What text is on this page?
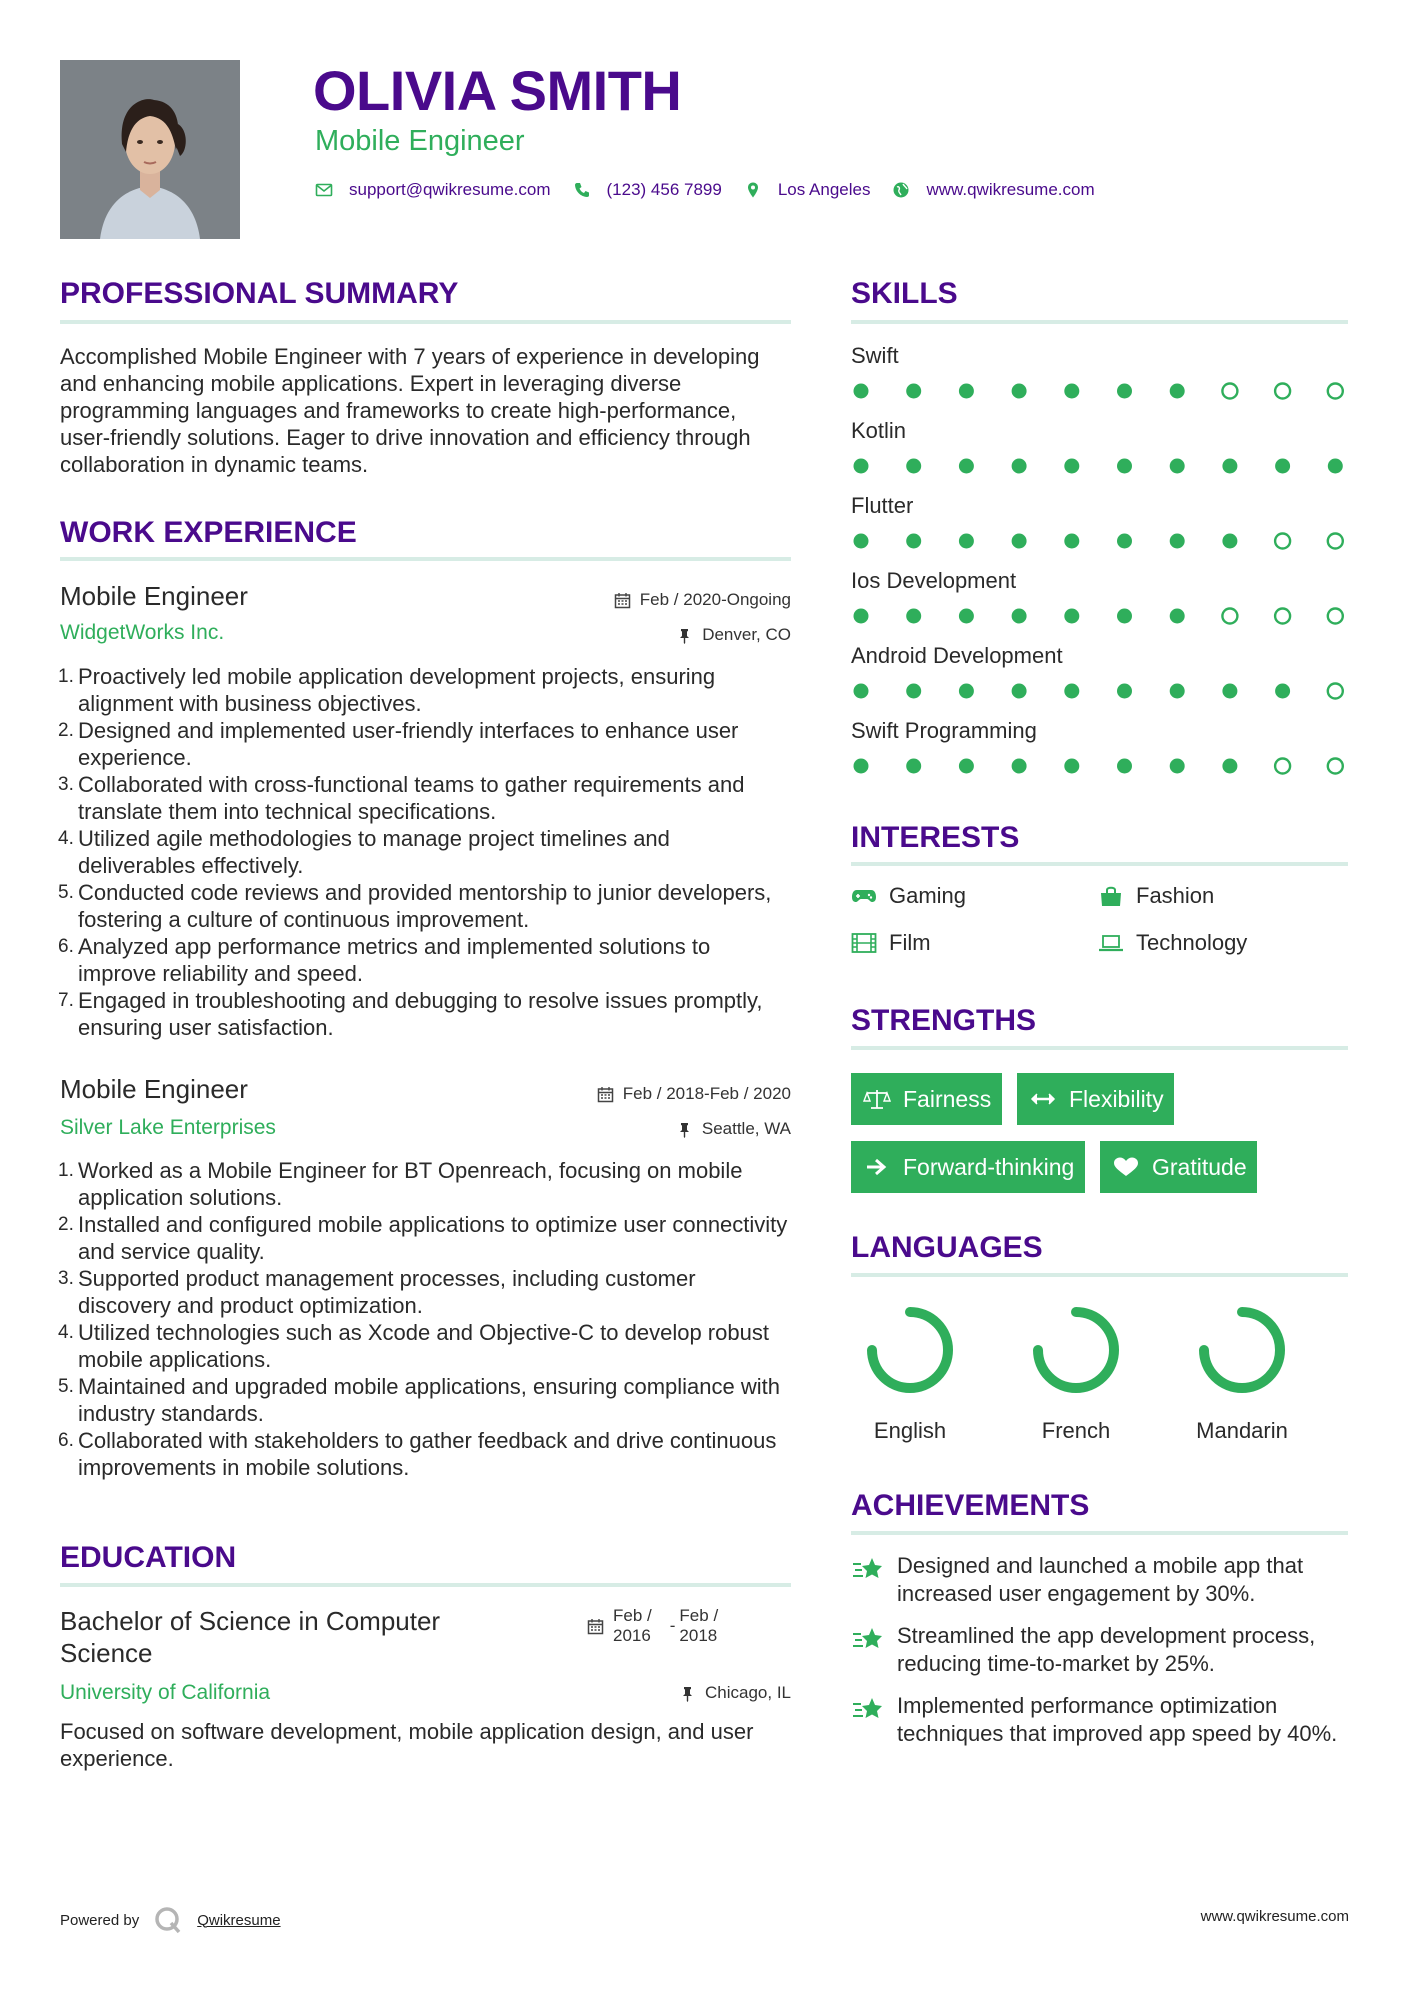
OLIVIA SMITH
Mobile Engineer
support@qwikresume.com	(123) 456 7899	Los Angeles	www.qwikresume.com
PROFESSIONAL SUMMARY
Accomplished Mobile Engineer with 7 years of experience in developing and enhancing mobile applications. Expert in leveraging diverse programming languages and frameworks to create high-performance, user-friendly solutions. Eager to drive innovation and efficiency through collaboration in dynamic teams.
WORK EXPERIENCE
Mobile Engineer	Feb / 2020-Ongoing
WidgetWorks Inc.	Denver, CO
1. Proactively led mobile application development projects, ensuring alignment with business objectives.
2. Designed and implemented user-friendly interfaces to enhance user experience.
3. Collaborated with cross-functional teams to gather requirements and translate them into technical specifications.
4. Utilized agile methodologies to manage project timelines and deliverables effectively.
5. Conducted code reviews and provided mentorship to junior developers, fostering a culture of continuous improvement.
6. Analyzed app performance metrics and implemented solutions to improve reliability and speed.
7. Engaged in troubleshooting and debugging to resolve issues promptly, ensuring user satisfaction.
Mobile Engineer	Feb / 2018-Feb / 2020
Silver Lake Enterprises	Seattle, WA
1. Worked as a Mobile Engineer for BT Openreach, focusing on mobile application solutions.
2. Installed and configured mobile applications to optimize user connectivity and service quality.
3. Supported product management processes, including customer discovery and product optimization.
4. Utilized technologies such as Xcode and Objective-C to develop robust mobile applications.
5. Maintained and upgraded mobile applications, ensuring compliance with industry standards.
6. Collaborated with stakeholders to gather feedback and drive continuous improvements in mobile solutions.
EDUCATION
Bachelor of Science in Computer Science
Feb /
2016
-
Feb /
2018
University of California	Chicago, IL
Focused on software development, mobile application design, and user experience.
SKILLS
Swift
Kotlin
Flutter
Ios Development
Android Development
Swift Programming
INTERESTS
Gaming	Fashion
Film	Technology
STRENGTHS
Fairness	Flexibility
Forward-thinking	Gratitude
LANGUAGES
English	French	Mandarin
ACHIEVEMENTS
Designed and launched a mobile app that increased user engagement by 30%.
Streamlined the app development process, reducing time-to-market by 25%.
Implemented performance optimization techniques that improved app speed by 40%.
Powered by	Qwikresume	www.qwikresume.com
